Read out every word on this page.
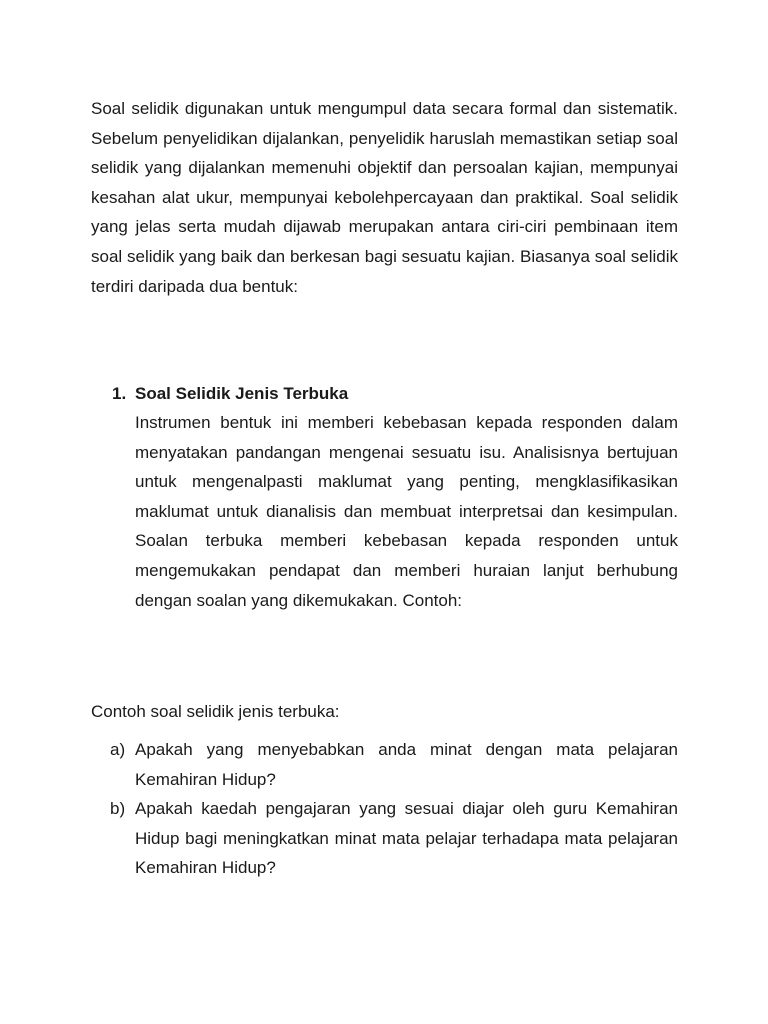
Soal selidik digunakan untuk mengumpul data secara formal dan sistematik. Sebelum penyelidikan dijalankan, penyelidik haruslah memastikan setiap soal selidik yang dijalankan memenuhi objektif dan persoalan kajian, mempunyai kesahan alat ukur, mempunyai kebolehpercayaan dan praktikal. Soal selidik yang jelas serta mudah dijawab merupakan antara ciri-ciri pembinaan item soal selidik yang baik dan berkesan bagi sesuatu kajian. Biasanya soal selidik terdiri daripada dua bentuk:

1. Soal Selidik Jenis Terbuka

Instrumen bentuk ini memberi kebebasan kepada responden dalam menyatakan pandangan mengenai sesuatu isu. Analisisnya bertujuan untuk mengenalpasti maklumat yang penting, mengklasifikasikan maklumat untuk dianalisis dan membuat interpretsai dan kesimpulan. Soalan terbuka memberi kebebasan kepada responden untuk mengemukakan pendapat dan memberi huraian lanjut berhubung dengan soalan yang dikemukakan. Contoh:

Contoh soal selidik jenis terbuka:

a) Apakah yang menyebabkan anda minat dengan mata pelajaran Kemahiran Hidup?
b) Apakah kaedah pengajaran yang sesuai diajar oleh guru Kemahiran Hidup bagi meningkatkan minat mata pelajar terhadapa mata pelajaran Kemahiran Hidup?
